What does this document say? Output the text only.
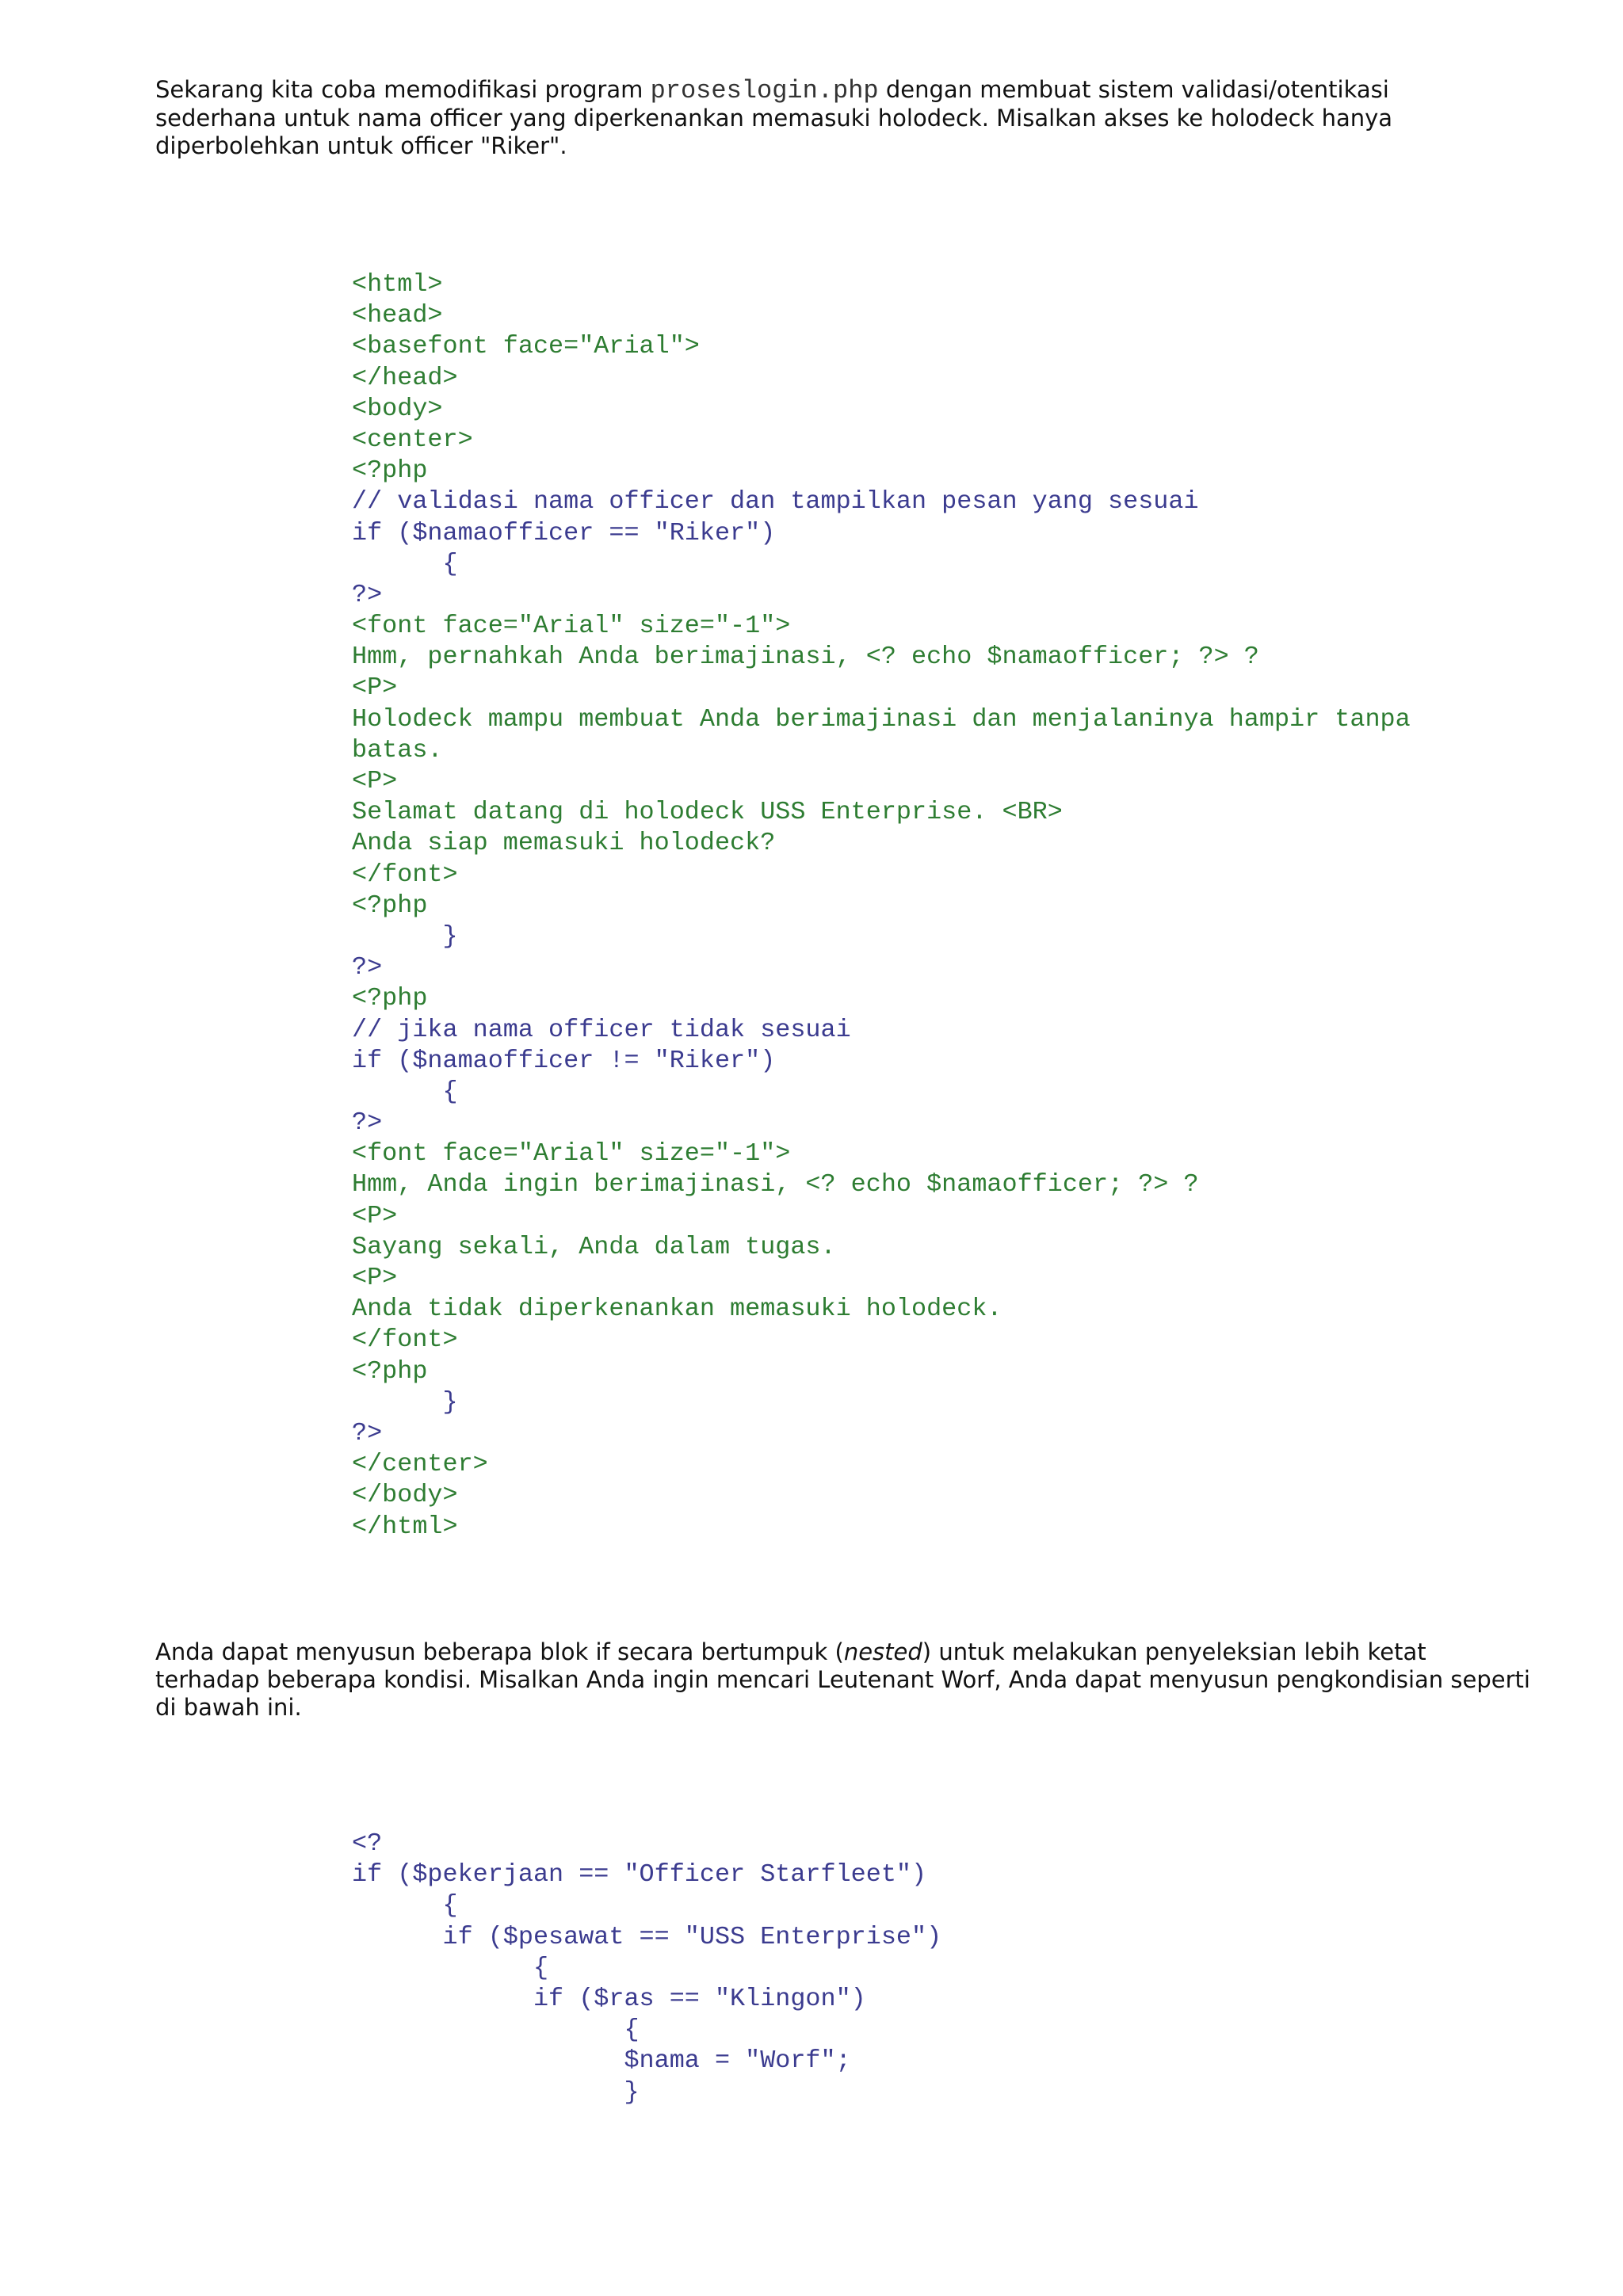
Sekarang kita coba memodifikasi program proseslogin.php dengan membuat sistem validasi/otentikasi
sederhana untuk nama officer yang diperkenankan memasuki holodeck. Misalkan akses ke holodeck hanya
diperbolehkan untuk officer "Riker".

<html>
<head>
<basefont face="Arial">
</head>
<body>
<center>
<?php
// validasi nama officer dan tampilkan pesan yang sesuai
if ($namaofficer == "Riker")
{
?>
<font face="Arial" size="-1">
Hmm, pernahkah Anda berimajinasi, <? echo $namaofficer; ?> ?
<P>
Holodeck mampu membuat Anda berimajinasi dan menjalaninya hampir tanpa
batas.
<P>
Selamat datang di holodeck USS Enterprise. <BR>
Anda siap memasuki holodeck?
</font>
<?php
}
?>
<?php
// jika nama officer tidak sesuai
if ($namaofficer != "Riker")
{
?>
<font face="Arial" size="-1">
Hmm, Anda ingin berimajinasi, <? echo $namaofficer; ?> ?
<P>
Sayang sekali, Anda dalam tugas.
<P>
Anda tidak diperkenankan memasuki holodeck.
</font>
<?php
}
?>
</center>
</body>
</html>

Anda dapat menyusun beberapa blok if secara bertumpuk (nested) untuk melakukan penyeleksian lebih ketat
terhadap beberapa kondisi. Misalkan Anda ingin mencari Leutenant Worf, Anda dapat menyusun pengkondisian seperti
di bawah ini.

<?
if ($pekerjaan == "Officer Starfleet")
{
if ($pesawat == "USS Enterprise")
{
if ($ras == "Klingon")
{
$nama = "Worf";
}
